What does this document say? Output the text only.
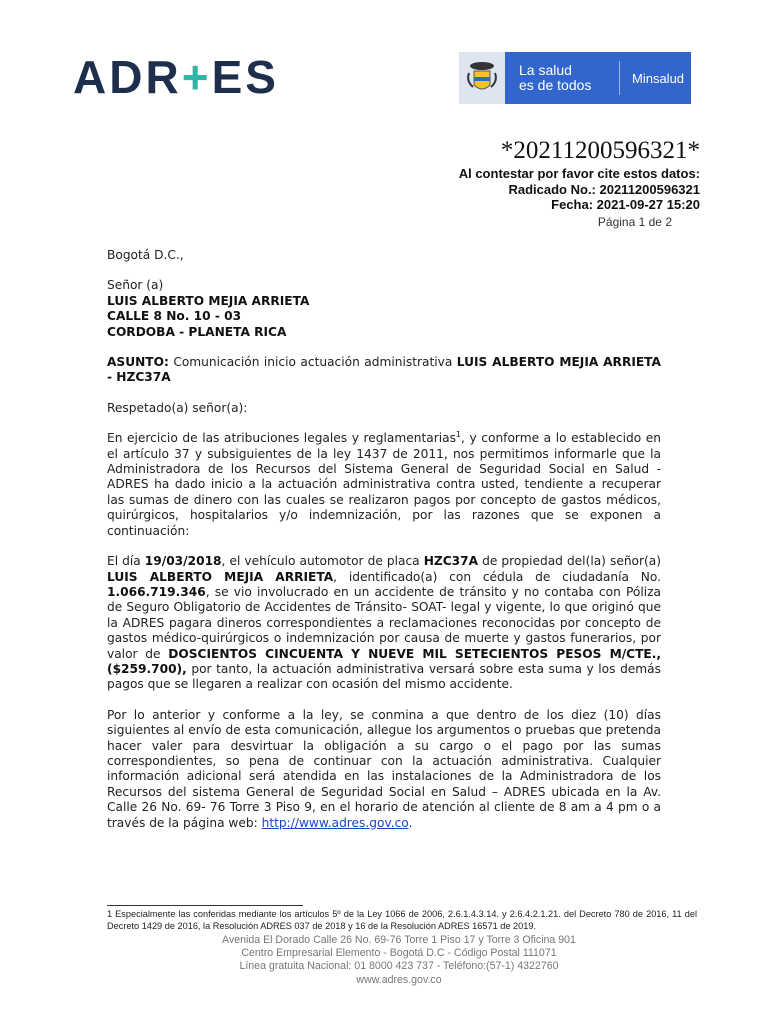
ADR+ES	La salud
es de todos	Minsalud
*20211200596321*
Al contestar por favor cite estos datos:
Radicado No.: 20211200596321
Fecha: 2021-09-27 15:20
Página 1 de 2

Bogotá D.C.,

Señor (a)

LUIS ALBERTO MEJIA ARRIETA

CALLE 8 No. 10 - 03

CORDOBA - PLANETA RICA

ASUNTO: Comunicación inicio actuación administrativa LUIS ALBERTO MEJIA ARRIETA - HZC37A

Respetado(a) señor(a):

En ejercicio de las atribuciones legales y reglamentarias$^1$, y conforme a lo establecido en el artículo 37 y subsiguientes de la ley 1437 de 2011, nos permitimos informarle que la Administradora de los Recursos del Sistema General de Seguridad Social en Salud - ADRES ha dado inicio a la actuación administrativa contra usted, tendiente a recuperar las sumas de dinero con las cuales se realizaron pagos por concepto de gastos médicos, quirúrgicos, hospitalarios y/o indemnización, por las razones que se exponen a continuación:

El día 19/03/2018, el vehículo automotor de placa HZC37A de propiedad del(la) señor(a) LUIS ALBERTO MEJIA ARRIETA, identificado(a) con cédula de ciudadanía No. 1.066.719.346, se vio involucrado en un accidente de tránsito y no contaba con Póliza de Seguro Obligatorio de Accidentes de Tránsito- SOAT- legal y vigente, lo que originó que la ADRES pagara dineros correspondientes a reclamaciones reconocidas por concepto de gastos médico-quirúrgicos o indemnización por causa de muerte y gastos funerarios, por valor de DOSCIENTOS CINCUENTA Y NUEVE MIL SETECIENTOS PESOS M/CTE., ($259.700), por tanto, la actuación administrativa versará sobre esta suma y los demás pagos que se llegaren a realizar con ocasión del mismo accidente.

Por lo anterior y conforme a la ley, se conmina a que dentro de los diez (10) días siguientes al envío de esta comunicación, allegue los argumentos o pruebas que pretenda hacer valer para desvirtuar la obligación a su cargo o el pago por las sumas correspondientes, so pena de continuar con la actuación administrativa. Cualquier información adicional será atendida en las instalaciones de la Administradora de los Recursos del sistema General de Seguridad Social en Salud – ADRES ubicada en la Av. Calle 26 No. 69- 76 Torre 3 Piso 9, en el horario de atención al cliente de 8 am a 4 pm o a través de la página web: http://www.adres.gov.co.

1 Especialmente las conferidas mediante los artículos 5º de la Ley 1066 de 2006, 2.6.1.4.3.14. y 2.6.4.2.1.21. del Decreto 780 de 2016, 11 del Decreto 1429 de 2016, la Resolución ADRES 037 de 2018 y 16 de la Resolución ADRES 16571 de 2019.
Avenida El Dorado Calle 26 No. 69-76 Torre 1 Piso 17 y Torre 3 Oficina 901
Centro Empresarial Elemento - Bogotá D.C - Código Postal 111071
Línea gratuita Nacional: 01 8000 423 737 - Teléfono:(57-1) 4322760
www.adres.gov.co
